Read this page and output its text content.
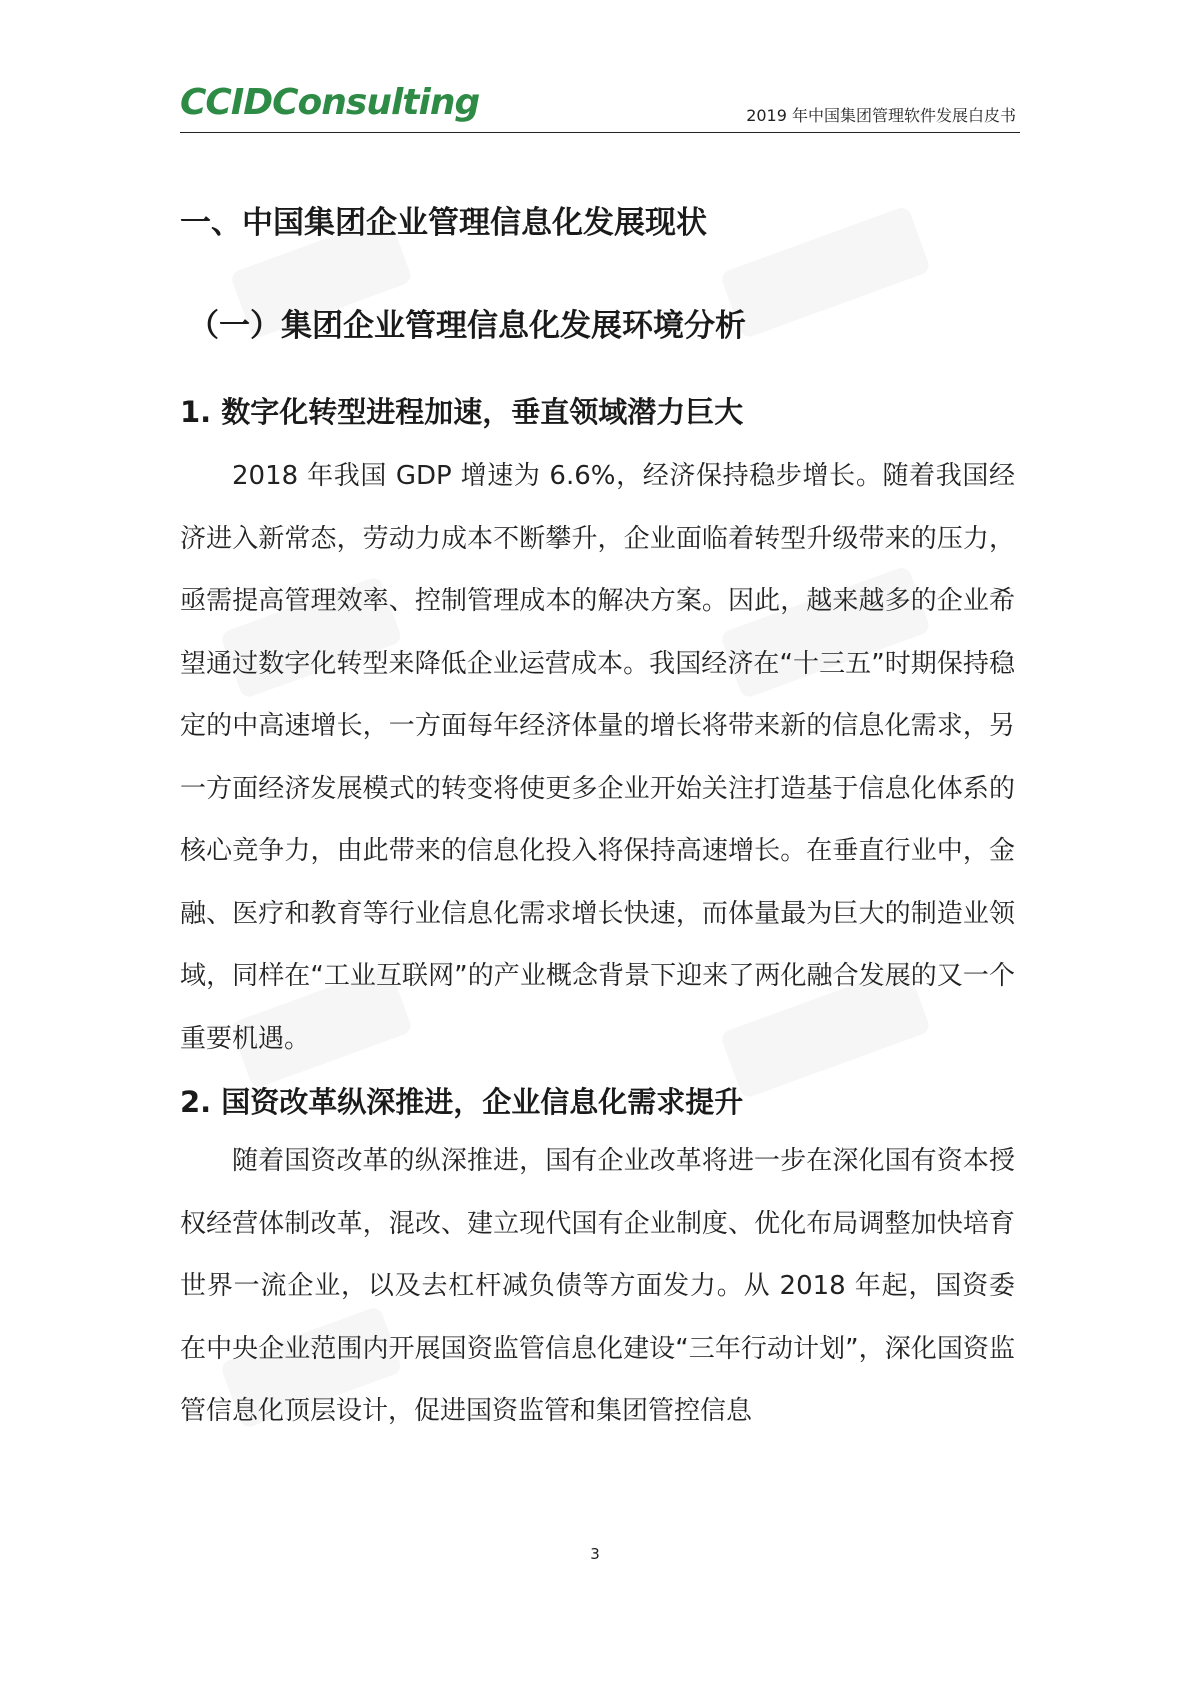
CCIDConsulting	2019 年中国集团管理软件发展白皮书
一、中国集团企业管理信息化发展现状
（一）集团企业管理信息化发展环境分析
1. 数字化转型进程加速，垂直领域潜力巨大
2018 年我国 GDP 增速为 6.6%，经济保持稳步增长。随着我国经济进入新常态，劳动力成本不断攀升，企业面临着转型升级带来的压力，亟需提高管理效率、控制管理成本的解决方案。因此，越来越多的企业希望通过数字化转型来降低企业运营成本。我国经济在“十三五”时期保持稳定的中高速增长，一方面每年经济体量的增长将带来新的信息化需求，另一方面经济发展模式的转变将使更多企业开始关注打造基于信息化体系的核心竞争力，由此带来的信息化投入将保持高速增长。在垂直行业中，金融、医疗和教育等行业信息化需求增长快速，而体量最为巨大的制造业领域，同样在“工业互联网”的产业概念背景下迎来了两化融合发展的又一个重要机遇。
2. 国资改革纵深推进，企业信息化需求提升
随着国资改革的纵深推进，国有企业改革将进一步在深化国有资本授权经营体制改革，混改、建立现代国有企业制度、优化布局调整加快培育世界一流企业，以及去杠杆减负债等方面发力。从 2018 年起，国资委在中央企业范围内开展国资监管信息化建设“三年行动计划”，深化国资监管信息化顶层设计，促进国资监管和集团管控信息
3
